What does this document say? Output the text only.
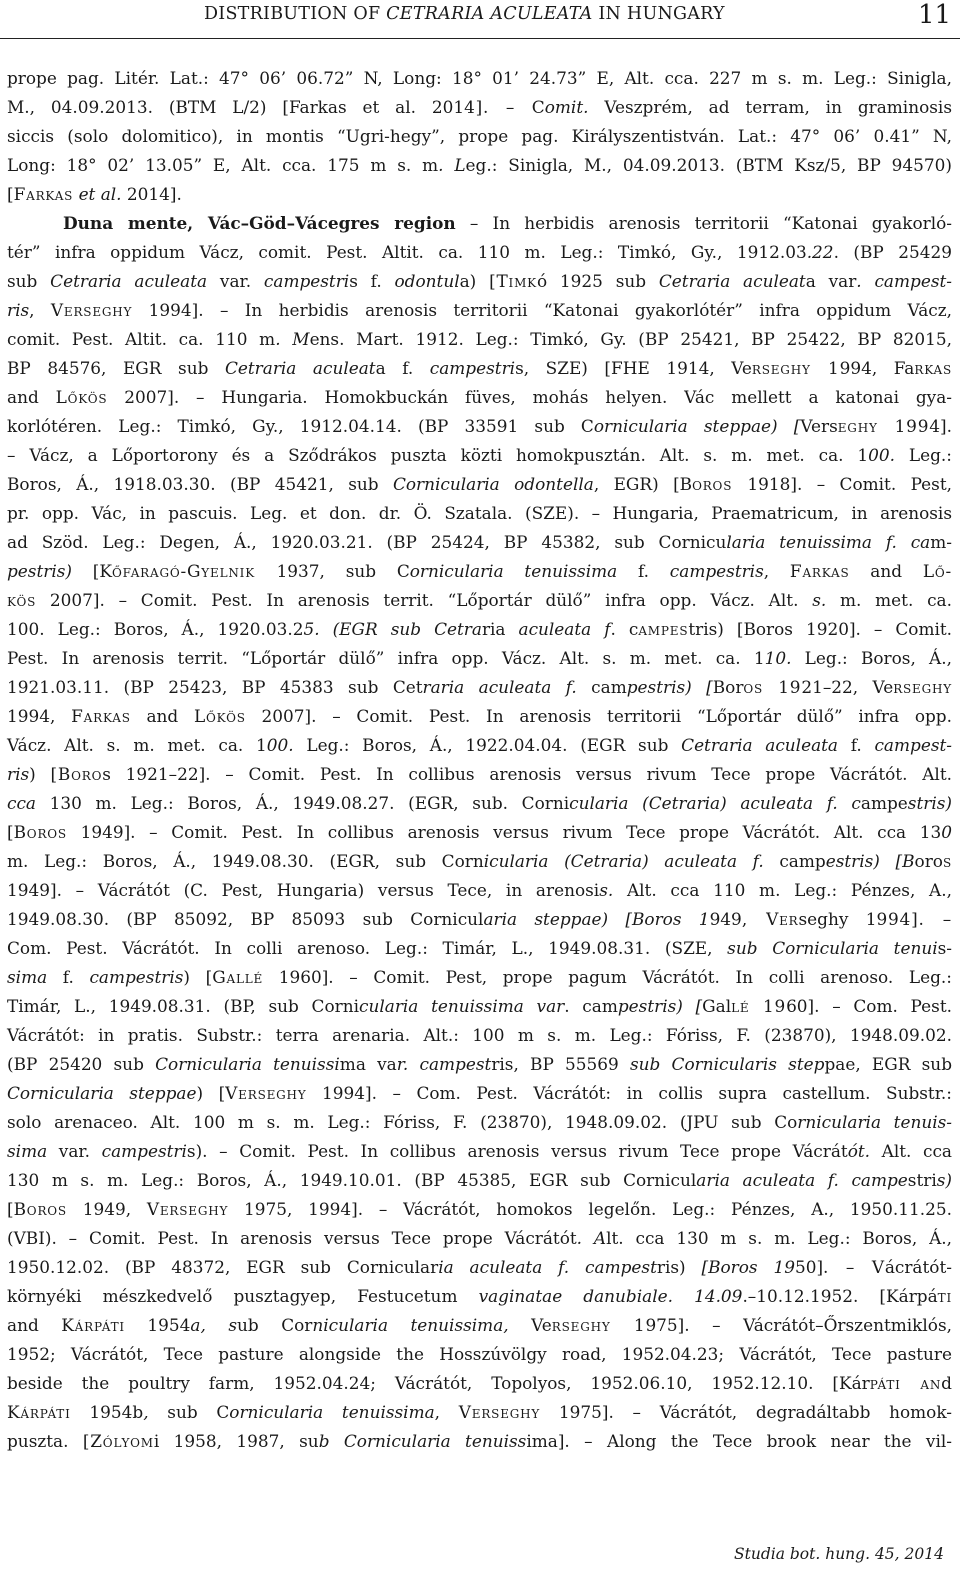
DISTRIBUTION OF CETRARIA ACULEATA IN HUNGARY	11
prope pag. Litér. Lat.: 47° 06’ 06.72” N, Long: 18° 01’ 24.73” E, Alt. cca. 227 m s. m. Leg.: Sinigla,
M., 04.09.2013. (BTM L/2) [Farkas et al. 2014]. – Comit. Veszprém, ad terram, in graminosis
siccis (solo dolomitico), in montis “Ugri-hegy”, prope pag. Királyszentistván. Lat.: 47° 06’ 0.41” N,
Long: 18° 02’ 13.05” E, Alt. cca. 175 m s. m. Leg.: Sinigla, M., 04.09.2013. (BTM Ksz/5, BP 94570)
[Farkas et al. 2014].
Duna mente, Vác–Göd–Vácegres region – In herbidis arenosis territorii “Katonai gyakorló-
tér” infra oppidum Vácz, comit. Pest. Altit. ca. 110 m. Leg.: Timkó, Gy., 1912.03.22. (BP 25429
sub Cetraria aculeata var. campestris f. odontula) [Timkó 1925 sub Cetraria aculeata var. campest-
ris, Verseghy 1994]. – In herbidis arenosis territorii “Katonai gyakorlótér” infra oppidum Vácz,
comit. Pest. Altit. ca. 110 m. Mens. Mart. 1912. Leg.: Timkó, Gy. (BP 25421, BP 25422, BP 82015,
BP 84576, EGR sub Cetraria aculeata f. campestris, SZE) [FHE 1914, Verseghy 1994, Farkas
and Lőkös 2007]. – Hungaria. Homokbuckán füves, mohás helyen. Vác mellett a katonai gya-
korlótéren. Leg.: Timkó, Gy., 1912.04.14. (BP 33591 sub Cornicularia steppae) [Verseghy 1994].
– Vácz, a Lőportorony és a Sződrákos puszta közti homokpusztán. Alt. s. m. met. ca. 100. Leg.:
Boros, Á., 1918.03.30. (BP 45421, sub Cornicularia odontella, EGR) [Boros 1918]. – Comit. Pest,
pr. opp. Vác, in pascuis. Leg. et don. dr. Ö. Szatala. (SZE). – Hungaria, Praematricum, in arenosis
ad Szöd. Leg.: Degen, Á., 1920.03.21. (BP 25424, BP 45382, sub Cornicularia tenuissima f. cam-
pestris) [Kőfaragó-Gyelnik 1937, sub Cornicularia tenuissima f. campestris, Farkas and Lő-
kös 2007]. – Comit. Pest. In arenosis territ. “Lőportár dülő” infra opp. Vácz. Alt. s. m. met. ca.
100. Leg.: Boros, Á., 1920.03.25. (EGR sub Cetraria aculeata f. campestris) [Boros 1920]. – Comit.
Pest. In arenosis territ. “Lőportár dülő” infra opp. Vácz. Alt. s. m. met. ca. 110. Leg.: Boros, Á.,
1921.03.11. (BP 25423, BP 45383 sub Cetraria aculeata f. campestris) [Boros 1921–22, Verseghy
1994, Farkas and Lőkös 2007]. – Comit. Pest. In arenosis territorii “Lőportár dülő” infra opp.
Vácz. Alt. s. m. met. ca. 100. Leg.: Boros, Á., 1922.04.04. (EGR sub Cetraria aculeata f. campest-
ris) [Boros 1921–22]. – Comit. Pest. In collibus arenosis versus rivum Tece prope Vácrátót. Alt.
cca 130 m. Leg.: Boros, Á., 1949.08.27. (EGR, sub. Cornicularia (Cetraria) aculeata f. campestris)
[Boros 1949]. – Comit. Pest. In collibus arenosis versus rivum Tece prope Vácrátót. Alt. cca 130
m. Leg.: Boros, Á., 1949.08.30. (EGR, sub Cornicularia (Cetraria) aculeata f. campestris) [Boros
1949]. – Vácrátót (C. Pest, Hungaria) versus Tece, in arenosis. Alt. cca 110 m. Leg.: Pénzes, A.,
1949.08.30. (BP 85092, BP 85093 sub Cornicularia steppae) [Boros 1949, Verseghy 1994]. –
Com. Pest. Vácrátót. In colli arenoso. Leg.: Timár, L., 1949.08.31. (SZE, sub Cornicularia tenuis-
sima f. campestris) [Gallé 1960]. – Comit. Pest, prope pagum Vácrátót. In colli arenoso. Leg.:
Timár, L., 1949.08.31. (BP, sub Cornicularia tenuissima var. campestris) [Gallé 1960]. – Com. Pest.
Vácrátót: in pratis. Substr.: terra arenaria. Alt.: 100 m s. m. Leg.: Fóriss, F. (23870), 1948.09.02.
(BP 25420 sub Cornicularia tenuissima var. campestris, BP 55569 sub Cornicularis steppae, EGR sub
Cornicularia steppae) [Verseghy 1994]. – Com. Pest. Vácrátót: in collis supra castellum. Substr.:
solo arenaceo. Alt. 100 m s. m. Leg.: Fóriss, F. (23870), 1948.09.02. (JPU sub Cornicularia tenuis-
sima var. campestris). – Comit. Pest. In collibus arenosis versus rivum Tece prope Vácrátót. Alt. cca
130 m s. m. Leg.: Boros, Á., 1949.10.01. (BP 45385, EGR sub Cornicularia aculeata f. campestris)
[Boros 1949, Verseghy 1975, 1994]. – Vácrátót, homokos legelőn. Leg.: Pénzes, A., 1950.11.25.
(VBI). – Comit. Pest. In arenosis versus Tece prope Vácrátót. Alt. cca 130 m s. m. Leg.: Boros, Á.,
1950.12.02. (BP 48372, EGR sub Cornicularia aculeata f. campestris) [Boros 1950]. – Vácrátót-
környéki mészkedvelő pusztagyep, Festucetum vaginatae danubiale. 14.09.–10.12.1952. [Kárpáti
and Kárpáti 1954a, sub Cornicularia tenuissima, Verseghy 1975]. – Vácrátót–Őrszentmiklós,
1952; Vácrátót, Tece pasture alongside the Hosszúvölgy road, 1952.04.23; Vácrátót, Tece pasture
beside the poultry farm, 1952.04.24; Vácrátót, Topolyos, 1952.06.10, 1952.12.10. [Kárpáti and
Kárpáti 1954b, sub Cornicularia tenuissima, Verseghy 1975]. – Vácrátót, degradáltabb homok-
puszta. [Zólyomi 1958, 1987, sub Cornicularia tenuissima]. – Along the Tece brook near the vil-
Studia bot. hung. 45, 2014
